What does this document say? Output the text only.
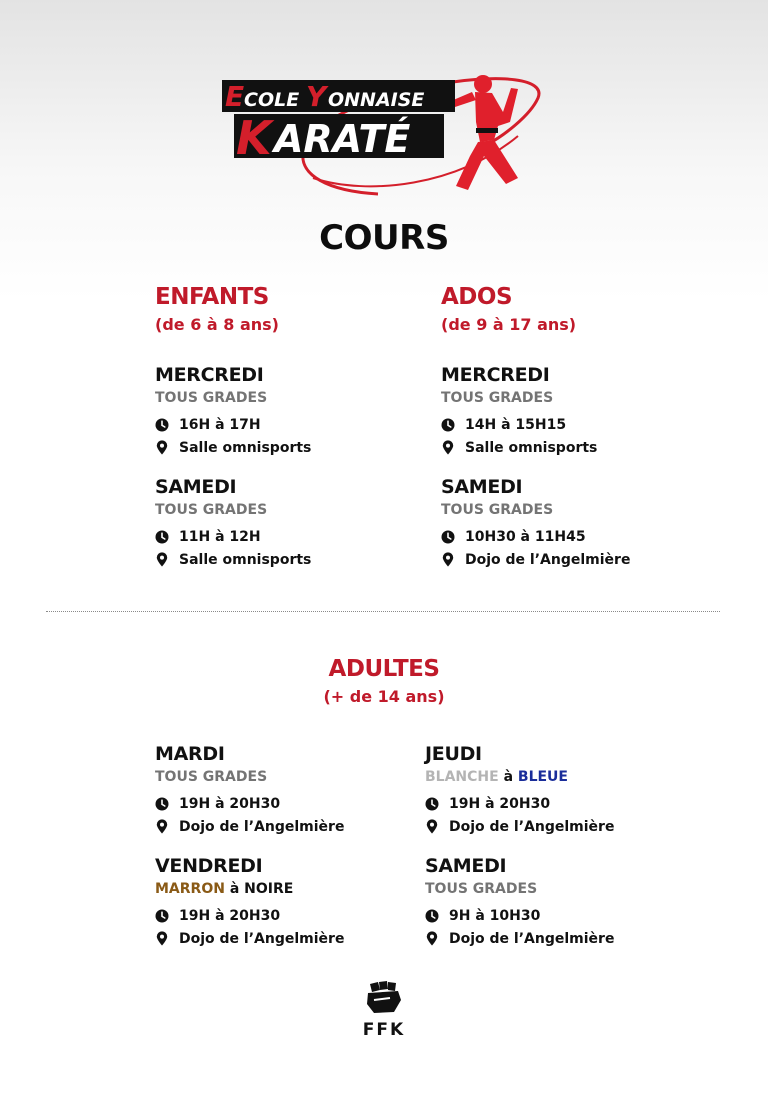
E COLE Y ONNAISE
K ARATÉ
COURS
ENFANTS
(de 6 à 8 ans)
MERCREDI
TOUS GRADES
16H à 17H
Salle omnisports
SAMEDI
TOUS GRADES
11H à 12H
Salle omnisports
ADOS
(de 9 à 17 ans)
MERCREDI
TOUS GRADES
14H à 15H15
Salle omnisports
SAMEDI
TOUS GRADES
10H30 à 11H45
Dojo de l’Angelmière
ADULTES
(+ de 14 ans)
MARDI
TOUS GRADES
19H à 20H30
Dojo de l’Angelmière
JEUDI
BLANCHE à BLEUE
19H à 20H30
Dojo de l’Angelmière
VENDREDI
MARRON à NOIRE
19H à 20H30
Dojo de l’Angelmière
SAMEDI
TOUS GRADES
9H à 10H30
Dojo de l’Angelmière
FFK
